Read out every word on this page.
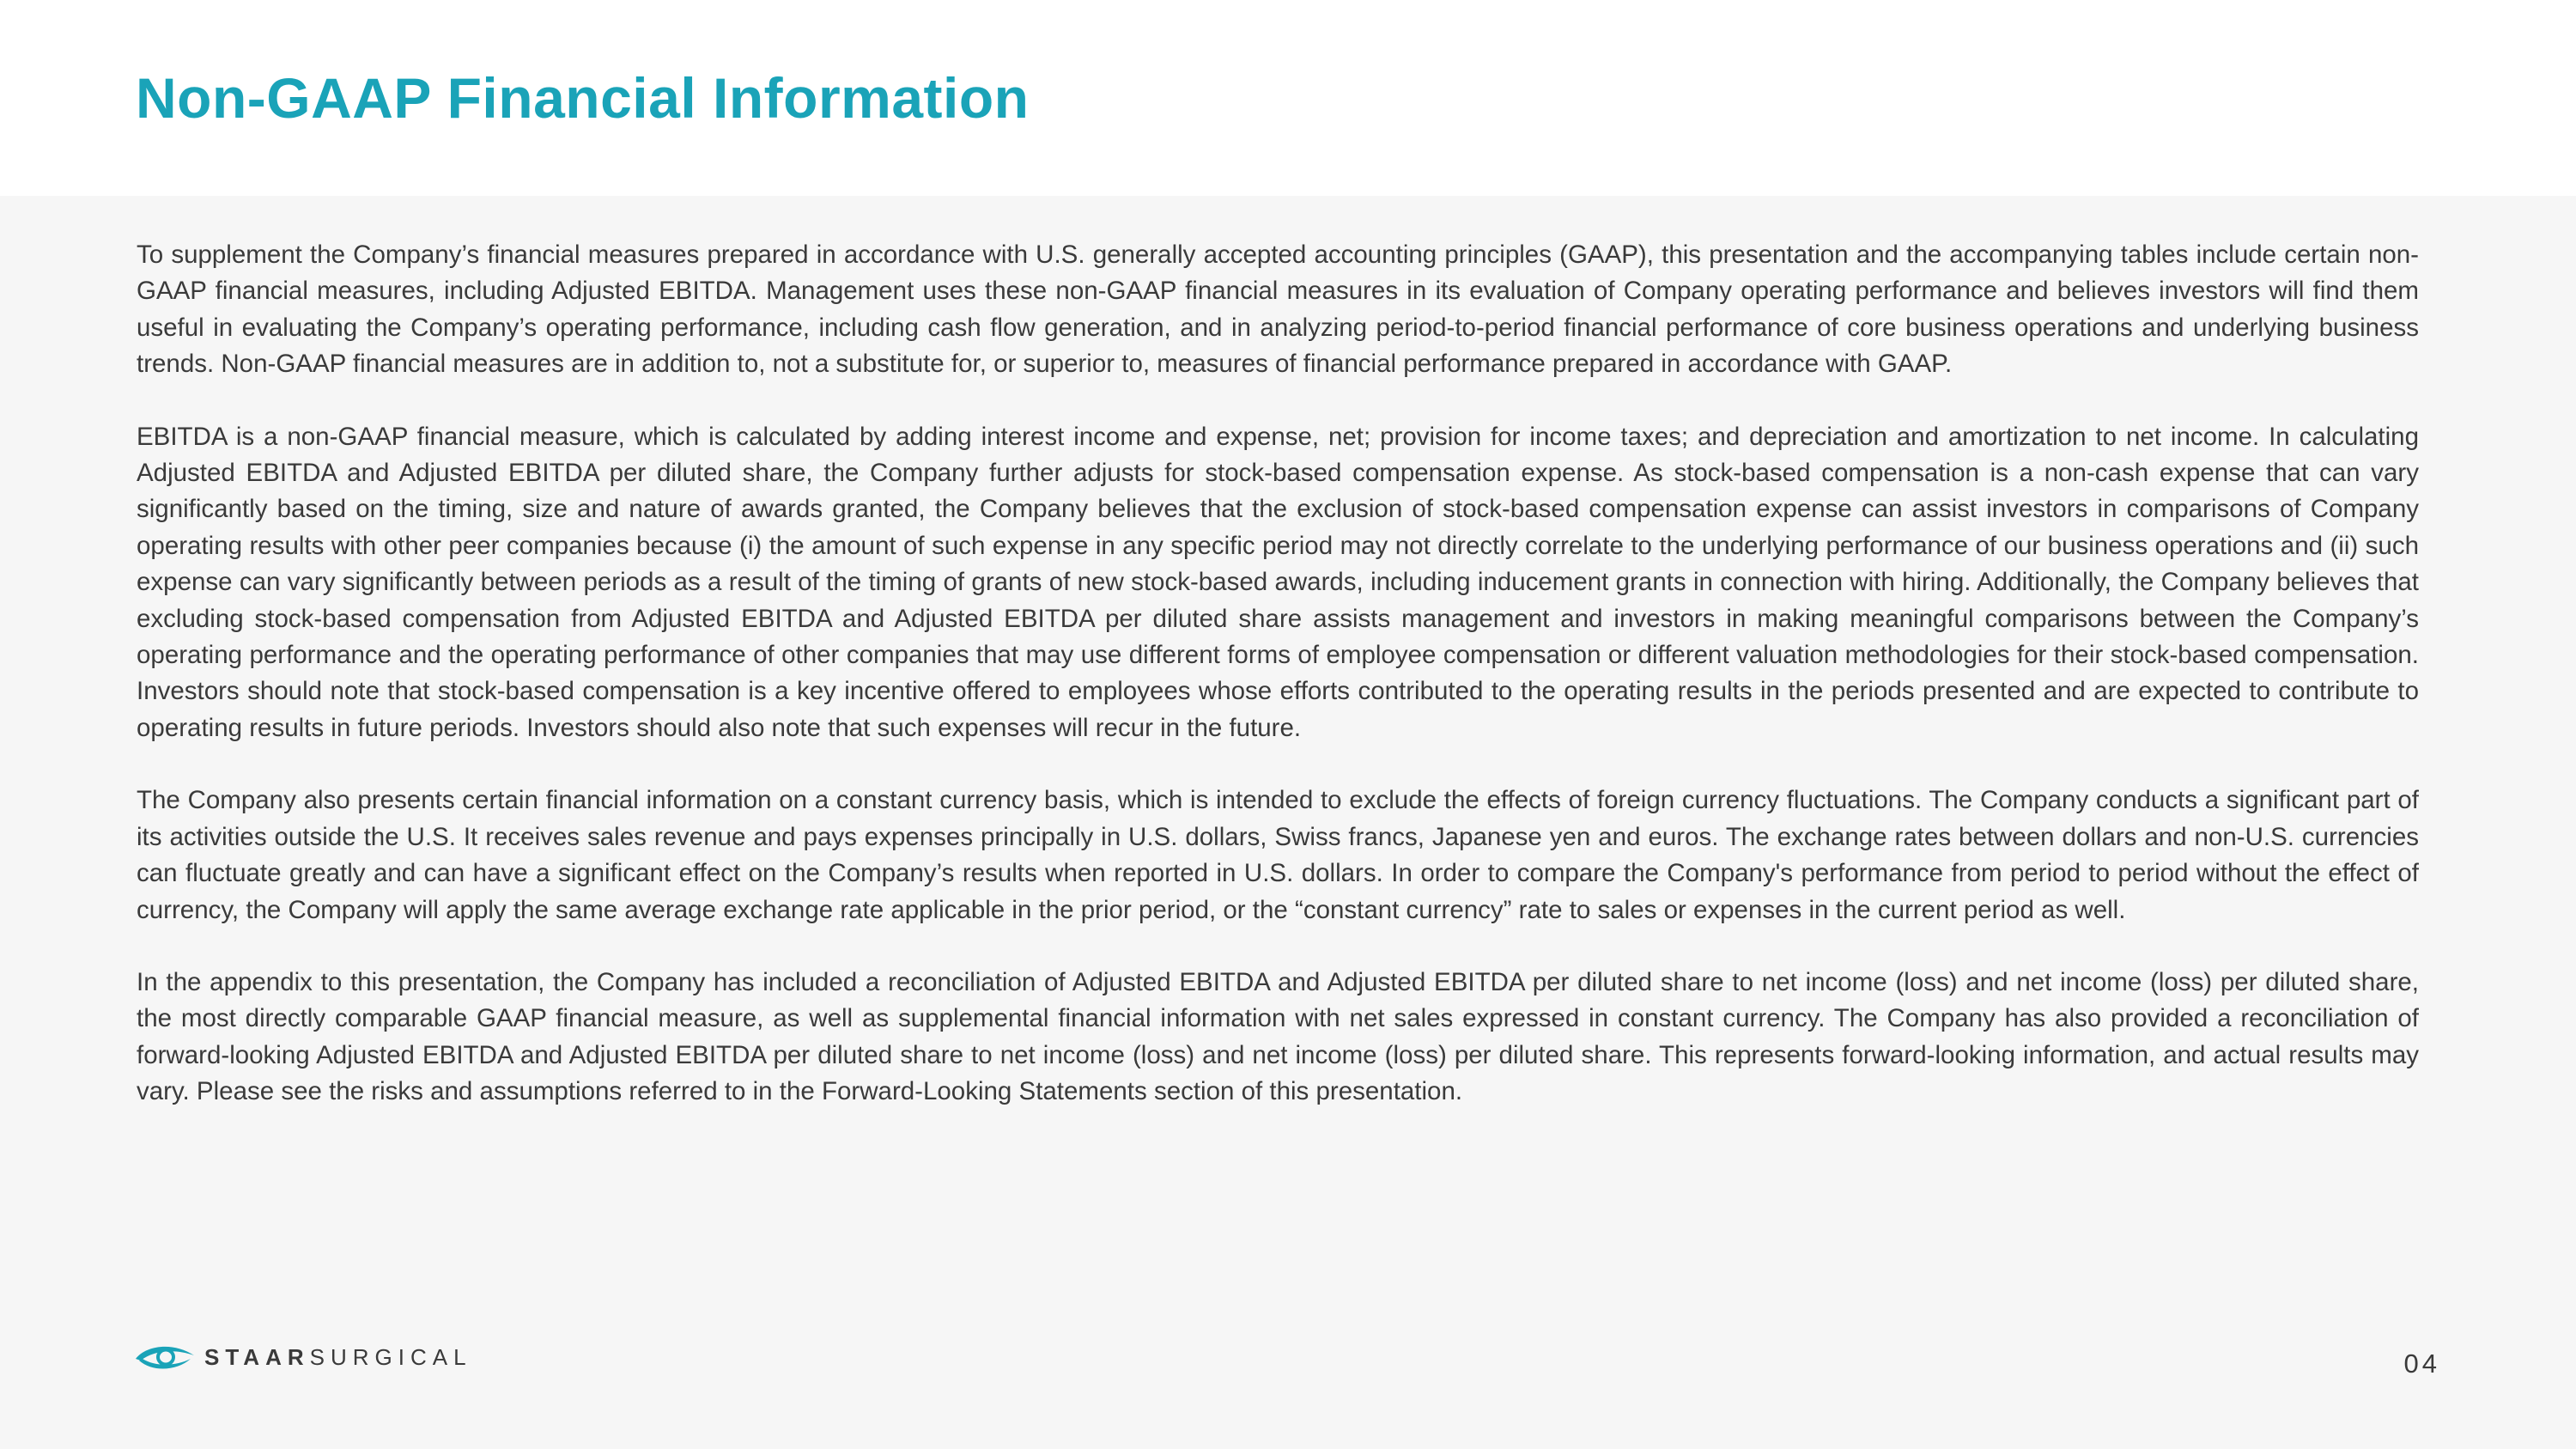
Non-GAAP Financial Information

To supplement the Company’s financial measures prepared in accordance with U.S. generally accepted accounting principles (GAAP), this presentation and the accompanying tables include certain non-GAAP financial measures, including Adjusted EBITDA. Management uses these non-GAAP financial measures in its evaluation of Company operating performance and believes investors will find them useful in evaluating the Company’s operating performance, including cash flow generation, and in analyzing period-to-period financial performance of core business operations and underlying business trends. Non-GAAP financial measures are in addition to, not a substitute for, or superior to, measures of financial performance prepared in accordance with GAAP.

EBITDA is a non-GAAP financial measure, which is calculated by adding interest income and expense, net; provision for income taxes; and depreciation and amortization to net income. In calculating Adjusted EBITDA and Adjusted EBITDA per diluted share, the Company further adjusts for stock-based compensation expense. As stock-based compensation is a non-cash expense that can vary significantly based on the timing, size and nature of awards granted, the Company believes that the exclusion of stock-based compensation expense can assist investors in comparisons of Company operating results with other peer companies because (i) the amount of such expense in any specific period may not directly correlate to the underlying performance of our business operations and (ii) such expense can vary significantly between periods as a result of the timing of grants of new stock-based awards, including inducement grants in connection with hiring. Additionally, the Company believes that excluding stock-based compensation from Adjusted EBITDA and Adjusted EBITDA per diluted share assists management and investors in making meaningful comparisons between the Company’s operating performance and the operating performance of other companies that may use different forms of employee compensation or different valuation methodologies for their stock-based compensation. Investors should note that stock-based compensation is a key incentive offered to employees whose efforts contributed to the operating results in the periods presented and are expected to contribute to operating results in future periods. Investors should also note that such expenses will recur in the future.

The Company also presents certain financial information on a constant currency basis, which is intended to exclude the effects of foreign currency fluctuations. The Company conducts a significant part of its activities outside the U.S. It receives sales revenue and pays expenses principally in U.S. dollars, Swiss francs, Japanese yen and euros. The exchange rates between dollars and non-U.S. currencies can fluctuate greatly and can have a significant effect on the Company’s results when reported in U.S. dollars. In order to compare the Company's performance from period to period without the effect of currency, the Company will apply the same average exchange rate applicable in the prior period, or the “constant currency” rate to sales or expenses in the current period as well.

In the appendix to this presentation, the Company has included a reconciliation of Adjusted EBITDA and Adjusted EBITDA per diluted share to net income (loss) and net income (loss) per diluted share, the most directly comparable GAAP financial measure, as well as supplemental financial information with net sales expressed in constant currency. The Company has also provided a reconciliation of forward-looking Adjusted EBITDA and Adjusted EBITDA per diluted share to net income (loss) and net income (loss) per diluted share. This represents forward-looking information, and actual results may vary. Please see the risks and assumptions referred to in the Forward-Looking Statements section of this presentation.

STAAR SURGICAL	04
